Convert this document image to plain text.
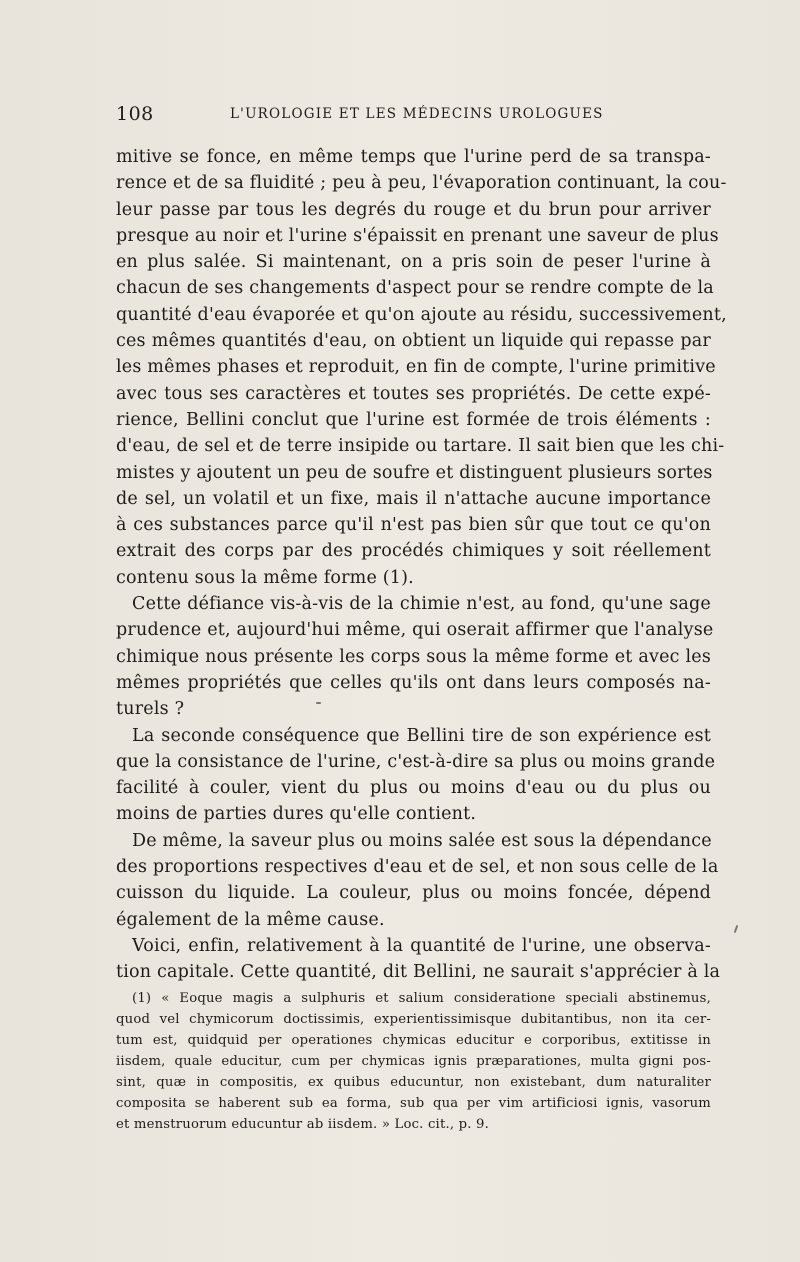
108	L'UROLOGIE ET LES MÉDECINS UROLOGUES
mitive se fonce, en même temps que l'urine perd de sa transpa-
rence et de sa fluidité ; peu à peu, l'évaporation continuant, la cou-
leur passe par tous les degrés du rouge et du brun pour arriver
presque au noir et l'urine s'épaissit en prenant une saveur de plus
en plus salée. Si maintenant, on a pris soin de peser l'urine à
chacun de ses changements d'aspect pour se rendre compte de la
quantité d'eau évaporée et qu'on ajoute au résidu, successivement,
ces mêmes quantités d'eau, on obtient un liquide qui repasse par
les mêmes phases et reproduit, en fin de compte, l'urine primitive
avec tous ses caractères et toutes ses propriétés. De cette expé-
rience, Bellini conclut que l'urine est formée de trois éléments :
d'eau, de sel et de terre insipide ou tartare. Il sait bien que les chi-
mistes y ajoutent un peu de soufre et distinguent plusieurs sortes
de sel, un volatil et un fixe, mais il n'attache aucune importance
à ces substances parce qu'il n'est pas bien sûr que tout ce qu'on
extrait des corps par des procédés chimiques y soit réellement
contenu sous la même forme (1).
Cette défiance vis-à-vis de la chimie n'est, au fond, qu'une sage
prudence et, aujourd'hui même, qui oserait affirmer que l'analyse
chimique nous présente les corps sous la même forme et avec les
mêmes propriétés que celles qu'ils ont dans leurs composés na-
turels ?
La seconde conséquence que Bellini tire de son expérience est
que la consistance de l'urine, c'est-à-dire sa plus ou moins grande
facilité à couler, vient du plus ou moins d'eau ou du plus ou
moins de parties dures qu'elle contient.
De même, la saveur plus ou moins salée est sous la dépendance
des proportions respectives d'eau et de sel, et non sous celle de la
cuisson du liquide. La couleur, plus ou moins foncée, dépend
également de la même cause.
Voici, enfin, relativement à la quantité de l'urine, une observa-
tion capitale. Cette quantité, dit Bellini, ne saurait s'apprécier à la
(1) « Eoque magis a sulphuris et salium consideratione speciali abstinemus,
quod vel chymicorum doctissimis, experientissimisque dubitantibus, non ita cer-
tum est, quidquid per operationes chymicas educitur e corporibus, extitisse in
iisdem, quale educitur, cum per chymicas ignis præparationes, multa gigni pos-
sint, quæ in compositis, ex quibus educuntur, non existebant, dum naturaliter
composita se haberent sub ea forma, sub qua per vim artificiosi ignis, vasorum
et menstruorum educuntur ab iisdem. » Loc. cit., p. 9.
